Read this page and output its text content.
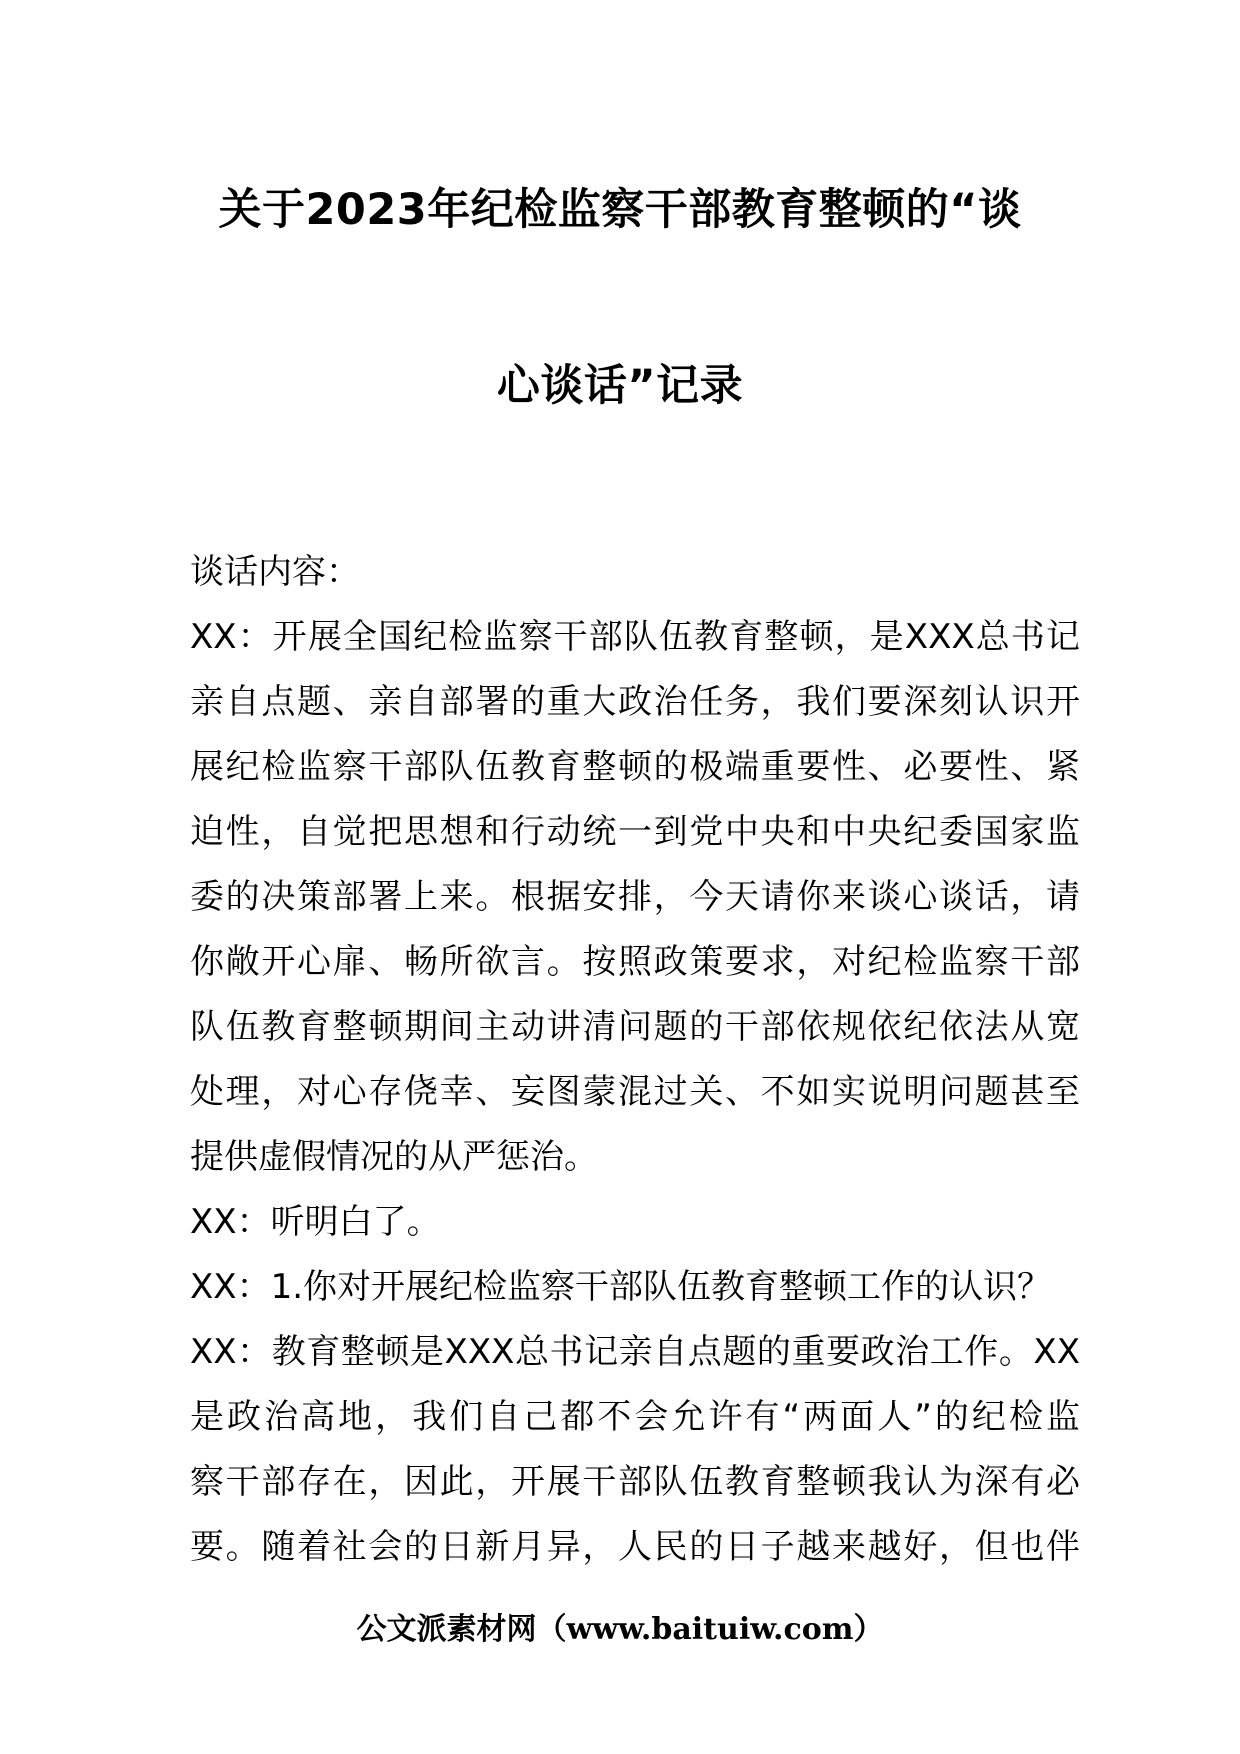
关于2023年纪检监察干部教育整顿的“谈
心谈话”记录
谈话内容：
XX：开展全国纪检监察干部队伍教育整顿，是XXX总书记
亲自点题、亲自部署的重大政治任务，我们要深刻认识开
展纪检监察干部队伍教育整顿的极端重要性、必要性、紧
迫性，自觉把思想和行动统一到党中央和中央纪委国家监
委的决策部署上来。根据安排，今天请你来谈心谈话，请
你敞开心扉、畅所欲言。按照政策要求，对纪检监察干部
队伍教育整顿期间主动讲清问题的干部依规依纪依法从宽
处理，对心存侥幸、妄图蒙混过关、不如实说明问题甚至
提供虚假情况的从严惩治。
XX：听明白了。
XX：1.你对开展纪检监察干部队伍教育整顿工作的认识？
XX：教育整顿是XXX总书记亲自点题的重要政治工作。XX
是政治高地，我们自己都不会允许有“两面人”的纪检监
察干部存在，因此，开展干部队伍教育整顿我认为深有必
要。随着社会的日新月异，人民的日子越来越好，但也伴
公文派素材网（www.baituiw.com）
